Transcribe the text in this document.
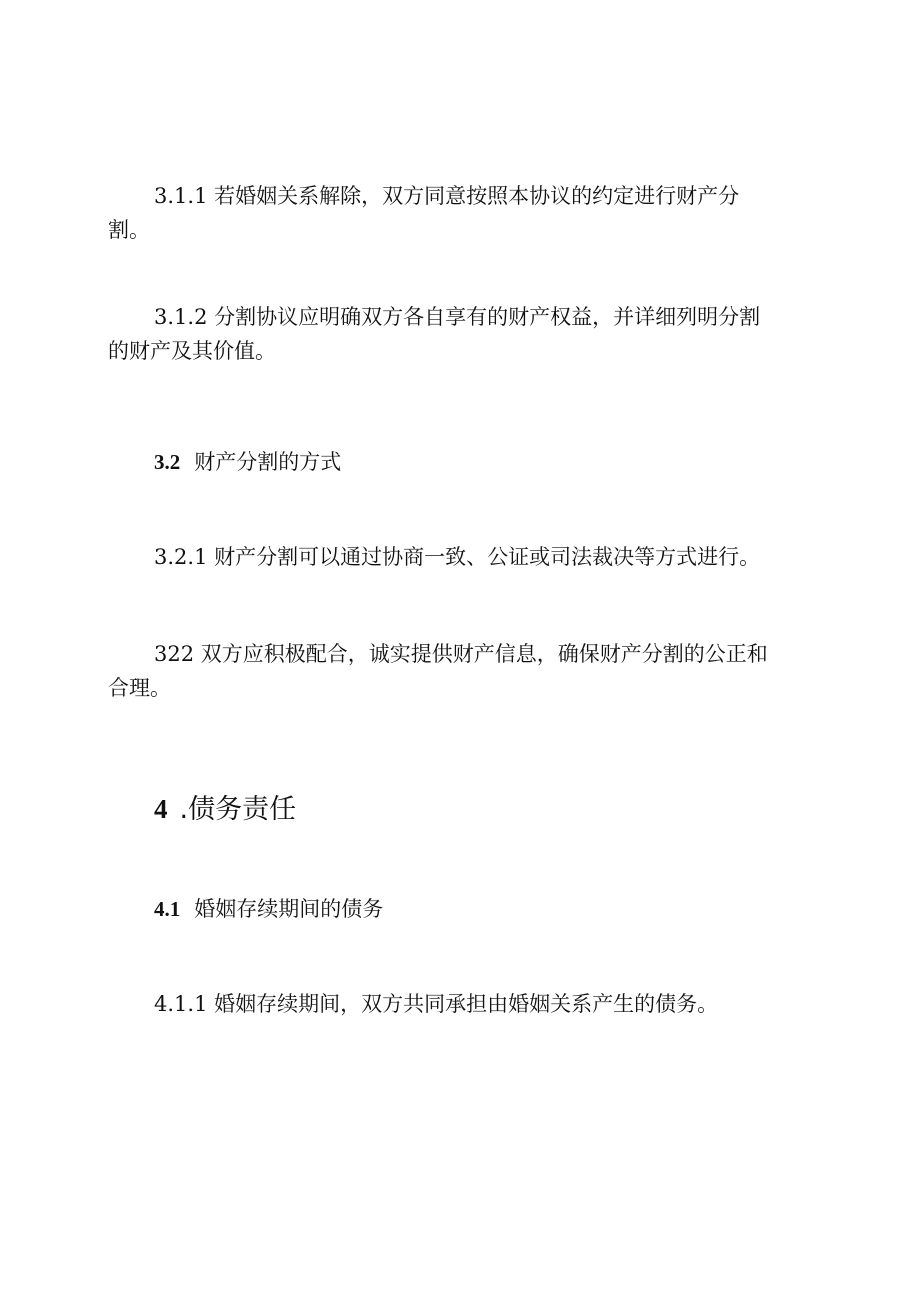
3.1.1 若婚姻关系解除，双方同意按照本协议的约定进行财产分
割。

3.1.2 分割协议应明确双方各自享有的财产权益，并详细列明分割
的财产及其价值。

3.2 财产分割的方式

3.2.1 财产分割可以通过协商一致、公证或司法裁决等方式进行。

322 双方应积极配合，诚实提供财产信息，确保财产分割的公正和
合理。

4 .债务责任
4.1 婚姻存续期间的债务

4.1.1 婚姻存续期间，双方共同承担由婚姻关系产生的债务。
